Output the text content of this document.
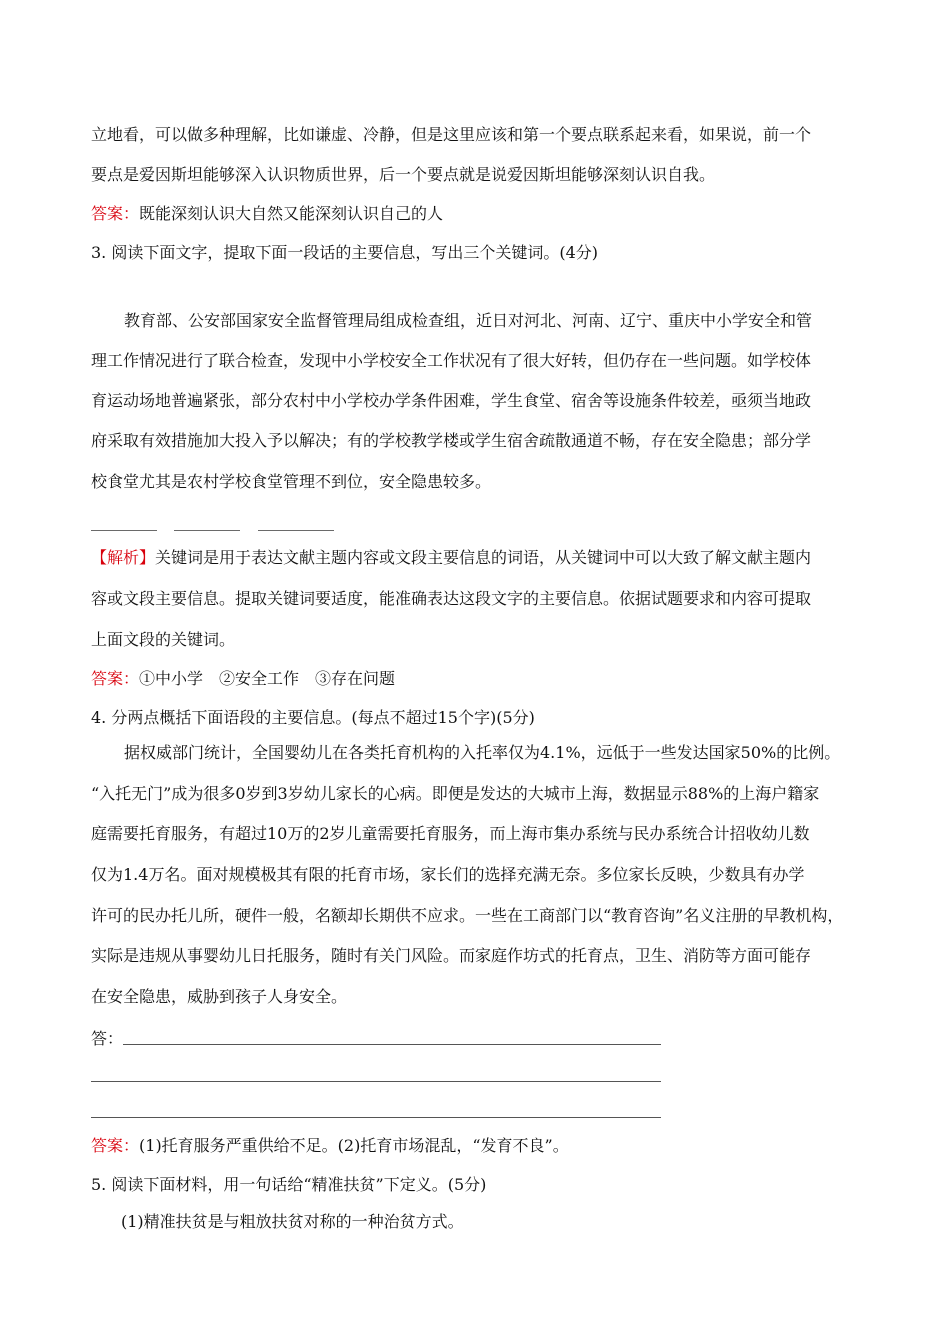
立地看，可以做多种理解，比如谦虚、冷静，但是这里应该和第一个要点联系起来看，如果说，前一个
要点是爱因斯坦能够深入认识物质世界，后一个要点就是说爱因斯坦能够深刻认识自我。
答案：既能深刻认识大自然又能深刻认识自己的人
3. 阅读下面文字，提取下面一段话的主要信息，写出三个关键词。(4分)
教育部、公安部国家安全监督管理局组成检查组，近日对河北、河南、辽宁、重庆中小学安全和管
理工作情况进行了联合检查，发现中小学校安全工作状况有了很大好转，但仍存在一些问题。如学校体
育运动场地普遍紧张，部分农村中小学校办学条件困难，学生食堂、宿舍等设施条件较差，亟须当地政
府采取有效措施加大投入予以解决；有的学校教学楼或学生宿舍疏散通道不畅，存在安全隐患；部分学
校食堂尤其是农村学校食堂管理不到位，安全隐患较多。
【解析】关键词是用于表达文献主题内容或文段主要信息的词语，从关键词中可以大致了解文献主题内
容或文段主要信息。提取关键词要适度，能准确表达这段文字的主要信息。依据试题要求和内容可提取
上面文段的关键词。
答案：①中小学　②安全工作　③存在问题
4. 分两点概括下面语段的主要信息。(每点不超过15个字)(5分)
据权威部门统计，全国婴幼儿在各类托育机构的入托率仅为4.1%，远低于一些发达国家50%的比例。
“入托无门”成为很多0岁到3岁幼儿家长的心病。即便是发达的大城市上海，数据显示88%的上海户籍家
庭需要托育服务，有超过10万的2岁儿童需要托育服务，而上海市集办系统与民办系统合计招收幼儿数
仅为1.4万名。面对规模极其有限的托育市场，家长们的选择充满无奈。多位家长反映，少数具有办学
许可的民办托儿所，硬件一般，名额却长期供不应求。一些在工商部门以“教育咨询”名义注册的早教机构，
实际是违规从事婴幼儿日托服务，随时有关门风险。而家庭作坊式的托育点，卫生、消防等方面可能存
在安全隐患，威胁到孩子人身安全。
答：
答案：(1)托育服务严重供给不足。(2)托育市场混乱，“发育不良”。
5. 阅读下面材料，用一句话给“精准扶贫”下定义。(5分)
(1)精准扶贫是与粗放扶贫对称的一种治贫方式。
